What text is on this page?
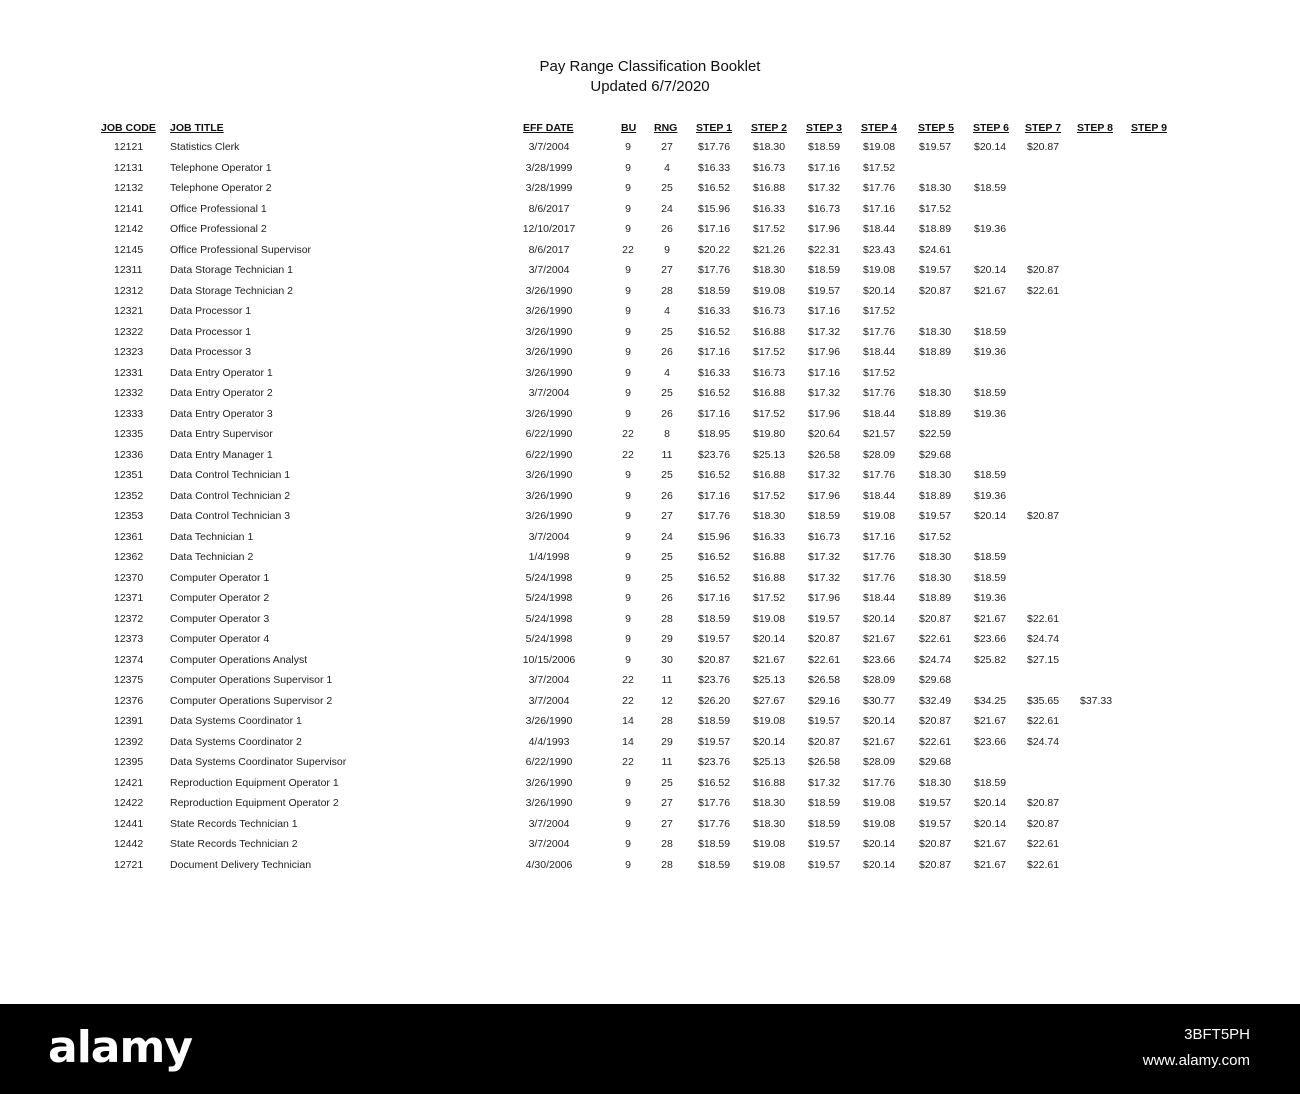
Pay Range Classification Booklet
Updated 6/7/2020
JOB CODE JOB TITLE	EFF DATE	BU RNG STEP 1 STEP 2 STEP 3 STEP 4 STEP 5 STEP 6 STEP 7 STEP 8 STEP 9
12121	Statistics Clerk	3/7/2004	9	27	$17.76 $18.30 $18.59 $19.08 $19.57 $20.14 $20.87
12131	Telephone Operator 1	3/28/1999	9	4	$16.33 $16.73 $17.16 $17.52
12132	Telephone Operator 2	3/28/1999	9	25	$16.52 $16.88 $17.32 $17.76 $18.30 $18.59
12141	Office Professional 1	8/6/2017	9	24	$15.96 $16.33 $16.73 $17.16 $17.52
12142	Office Professional 2	12/10/2017	9	26	$17.16 $17.52 $17.96 $18.44 $18.89 $19.36
12145	Office Professional Supervisor	8/6/2017	22	9	$20.22 $21.26 $22.31 $23.43 $24.61
12311	Data Storage Technician 1	3/7/2004	9	27	$17.76 $18.30 $18.59 $19.08 $19.57 $20.14 $20.87
12312	Data Storage Technician 2	3/26/1990	9	28	$18.59 $19.08 $19.57 $20.14 $20.87 $21.67 $22.61
12321	Data Processor 1	3/26/1990	9	4	$16.33 $16.73 $17.16 $17.52
12322	Data Processor 1	3/26/1990	9	25	$16.52 $16.88 $17.32 $17.76 $18.30 $18.59
12323	Data Processor 3	3/26/1990	9	26	$17.16 $17.52 $17.96 $18.44 $18.89 $19.36
12331	Data Entry Operator 1	3/26/1990	9	4	$16.33 $16.73 $17.16 $17.52
12332	Data Entry Operator 2	3/7/2004	9	25	$16.52 $16.88 $17.32 $17.76 $18.30 $18.59
12333	Data Entry Operator 3	3/26/1990	9	26	$17.16 $17.52 $17.96 $18.44 $18.89 $19.36
12335	Data Entry Supervisor	6/22/1990	22	8	$18.95 $19.80 $20.64 $21.57 $22.59
12336	Data Entry Manager 1	6/22/1990	22	11	$23.76 $25.13 $26.58 $28.09 $29.68
12351	Data Control Technician 1	3/26/1990	9	25	$16.52 $16.88 $17.32 $17.76 $18.30 $18.59
12352	Data Control Technician 2	3/26/1990	9	26	$17.16 $17.52 $17.96 $18.44 $18.89 $19.36
12353	Data Control Technician 3	3/26/1990	9	27	$17.76 $18.30 $18.59 $19.08 $19.57 $20.14 $20.87
12361	Data Technician 1	3/7/2004	9	24	$15.96 $16.33 $16.73 $17.16 $17.52
12362	Data Technician 2	1/4/1998	9	25	$16.52 $16.88 $17.32 $17.76 $18.30 $18.59
12370	Computer Operator 1	5/24/1998	9	25	$16.52 $16.88 $17.32 $17.76 $18.30 $18.59
12371	Computer Operator 2	5/24/1998	9	26	$17.16 $17.52 $17.96 $18.44 $18.89 $19.36
12372	Computer Operator 3	5/24/1998	9	28	$18.59 $19.08 $19.57 $20.14 $20.87 $21.67 $22.61
12373	Computer Operator 4	5/24/1998	9	29	$19.57 $20.14 $20.87 $21.67 $22.61 $23.66 $24.74
12374	Computer Operations Analyst	10/15/2006	9	30	$20.87 $21.67 $22.61 $23.66 $24.74 $25.82 $27.15
12375	Computer Operations Supervisor 1	3/7/2004	22	11	$23.76 $25.13 $26.58 $28.09 $29.68
12376	Computer Operations Supervisor 2	3/7/2004	22	12	$26.20 $27.67 $29.16 $30.77 $32.49 $34.25 $35.65 $37.33
12391	Data Systems Coordinator 1	3/26/1990	14	28	$18.59 $19.08 $19.57 $20.14 $20.87 $21.67 $22.61
12392	Data Systems Coordinator 2	4/4/1993	14	29	$19.57 $20.14 $20.87 $21.67 $22.61 $23.66 $24.74
12395	Data Systems Coordinator Supervisor	6/22/1990	22	11	$23.76 $25.13 $26.58 $28.09 $29.68
12421	Reproduction Equipment Operator 1	3/26/1990	9	25	$16.52 $16.88 $17.32 $17.76 $18.30 $18.59
12422	Reproduction Equipment Operator 2	3/26/1990	9	27	$17.76 $18.30 $18.59 $19.08 $19.57 $20.14 $20.87
12441	State Records Technician 1	3/7/2004	9	27	$17.76 $18.30 $18.59 $19.08 $19.57 $20.14 $20.87
12442	State Records Technician 2	3/7/2004	9	28	$18.59 $19.08 $19.57 $20.14 $20.87 $21.67 $22.61
12721	Document Delivery Technician	4/30/2006	9	28	$18.59 $19.08 $19.57 $20.14 $20.87 $21.67 $22.61
alamy	3BFT5PH
www.alamy.com
